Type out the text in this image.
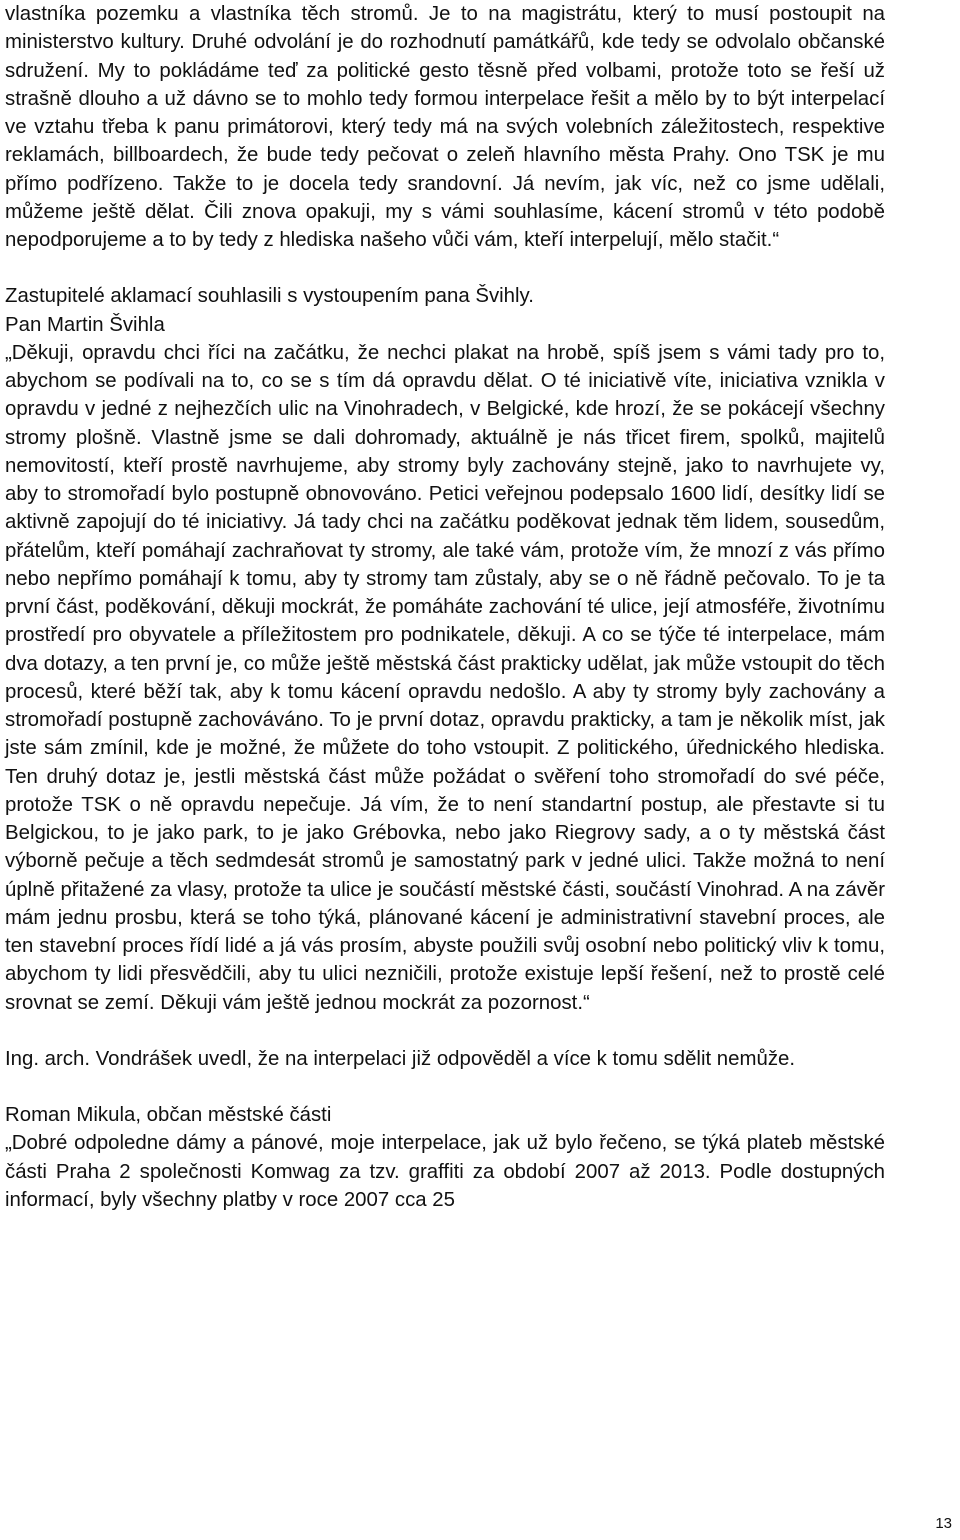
vlastníka pozemku a vlastníka těch stromů. Je to na magistrátu, který to musí postoupit na ministerstvo kultury. Druhé odvolání je do rozhodnutí památkářů, kde tedy se odvolalo občanské sdružení. My to pokládáme teď za politické gesto těsně před volbami, protože toto se řeší už strašně dlouho a už dávno se to mohlo tedy formou interpelace řešit a mělo by to být interpelací ve vztahu třeba k panu primátorovi, který tedy má na svých volebních záležitostech, respektive reklamách, billboardech, že bude tedy pečovat o zeleň hlavního města Prahy. Ono TSK je mu přímo podřízeno. Takže to je docela tedy srandovní. Já nevím, jak víc, než co jsme udělali, můžeme ještě dělat. Čili znova opakuji, my s vámi souhlasíme, kácení stromů v této podobě nepodporujeme a to by tedy z hlediska našeho vůči vám, kteří interpelují, mělo stačit.“

Zastupitelé aklamací souhlasili s vystoupením pana Švihly.

Pan Martin Švihla

„Děkuji, opravdu chci říci na začátku, že nechci plakat na hrobě, spíš jsem s vámi tady pro to, abychom se podívali na to, co se s tím dá opravdu dělat. O té iniciativě víte, iniciativa vznikla v opravdu v jedné z nejhezčích ulic na Vinohradech, v Belgické, kde hrozí, že se pokácejí všechny stromy plošně. Vlastně jsme se dali dohromady, aktuálně je nás třicet firem, spolků, majitelů nemovitostí, kteří prostě navrhujeme, aby stromy byly zachovány stejně, jako to navrhujete vy, aby to stromořadí bylo postupně obnovováno. Petici veřejnou podepsalo 1600 lidí, desítky lidí se aktivně zapojují do té iniciativy. Já tady chci na začátku poděkovat jednak těm lidem, sousedům, přátelům, kteří pomáhají zachraňovat ty stromy, ale také vám, protože vím, že mnozí z vás přímo nebo nepřímo pomáhají k tomu, aby ty stromy tam zůstaly, aby se o ně řádně pečovalo. To je ta první část, poděkování, děkuji mockrát, že pomáháte zachování té ulice, její atmosféře, životnímu prostředí pro obyvatele a příležitostem pro podnikatele, děkuji. A co se týče té interpelace, mám dva dotazy, a ten první je, co může ještě městská část prakticky udělat, jak může vstoupit do těch procesů, které běží tak, aby k tomu kácení opravdu nedošlo. A aby ty stromy byly zachovány a stromořadí postupně zachováváno. To je první dotaz, opravdu prakticky, a tam je několik míst, jak jste sám zmínil, kde je možné, že můžete do toho vstoupit. Z politického, úřednického hlediska. Ten druhý dotaz je, jestli městská část může požádat o svěření toho stromořadí do své péče, protože TSK o ně opravdu nepečuje. Já vím, že to není standartní postup, ale přestavte si tu Belgickou, to je jako park, to je jako Grébovka, nebo jako Riegrovy sady, a o ty městská část výborně pečuje a těch sedmdesát stromů je samostatný park v jedné ulici. Takže možná to není úplně přitažené za vlasy, protože ta ulice je součástí městské části, součástí Vinohrad. A na závěr mám jednu prosbu, která se toho týká, plánované kácení je administrativní stavební proces, ale ten stavební proces řídí lidé a já vás prosím, abyste použili svůj osobní nebo politický vliv k tomu, abychom ty lidi přesvědčili, aby tu ulici nezničili, protože existuje lepší řešení, než to prostě celé srovnat se zemí. Děkuji vám ještě jednou mockrát za pozornost.“

Ing. arch. Vondrášek uvedl, že na interpelaci již odpověděl a více k tomu sdělit nemůže.

Roman Mikula, občan městské části

„Dobré odpoledne dámy a pánové, moje interpelace, jak už bylo řečeno, se týká plateb městské části Praha 2 společnosti Komwag za tzv. graffiti za období 2007 až 2013. Podle dostupných informací, byly všechny platby v roce 2007 cca 25

13
